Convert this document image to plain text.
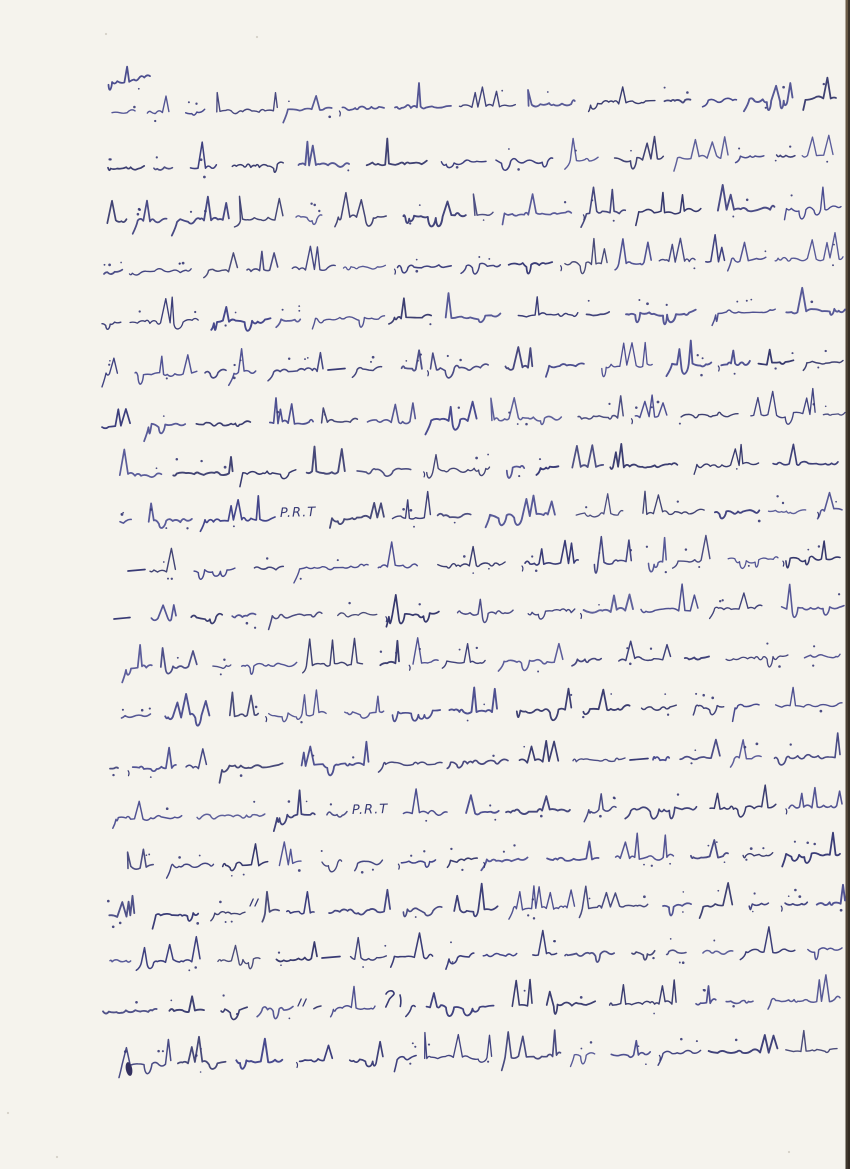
P.R.T
P.R.T
